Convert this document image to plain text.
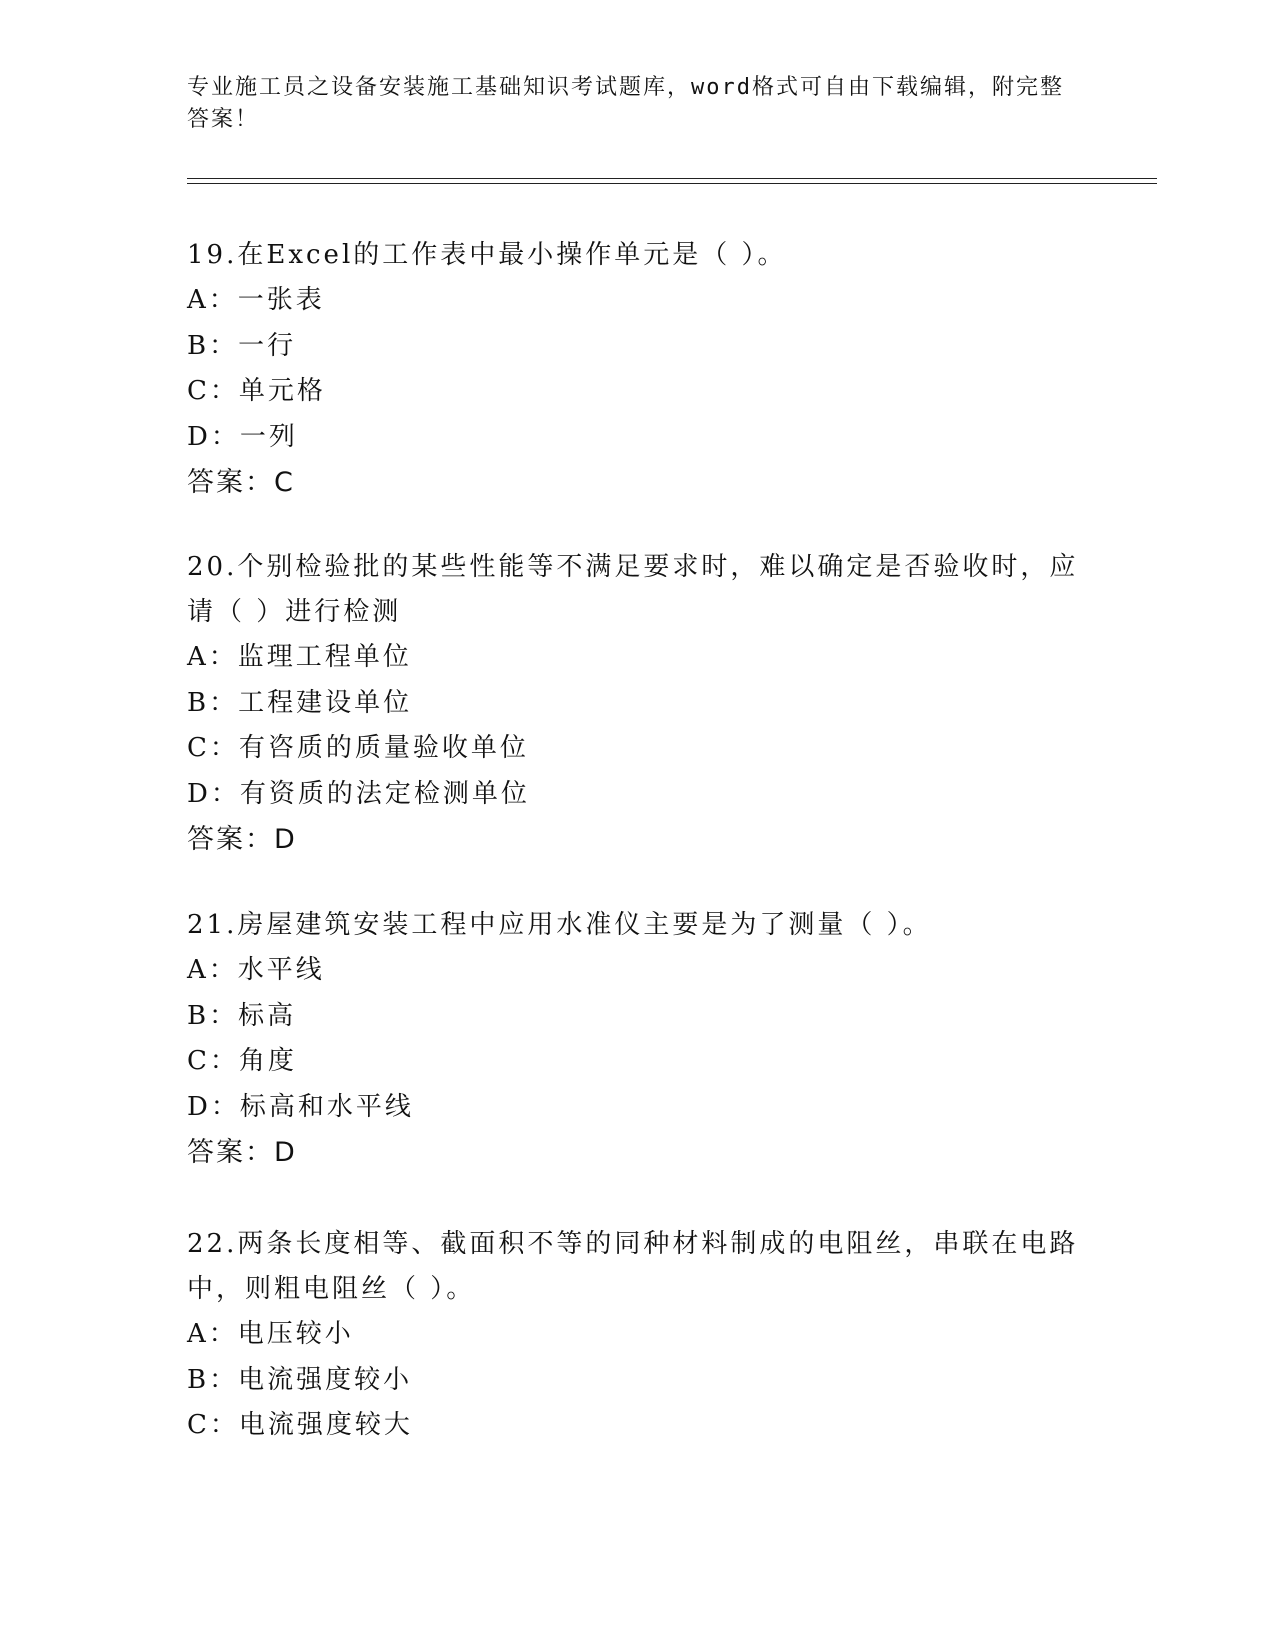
专业施工员之设备安装施工基础知识考试题库，word格式可自由下载编辑，附完整答案！
19.在Excel的工作表中最小操作单元是（ ）。
A：一张表
B：一行
C：单元格
D：一列
答案：C
20.个别检验批的某些性能等不满足要求时，难以确定是否验收时，应请（ ）进行检测
A：监理工程单位
B：工程建设单位
C：有咨质的质量验收单位
D：有资质的法定检测单位
答案：D
21.房屋建筑安装工程中应用水准仪主要是为了测量（ ）。
A：水平线
B：标高
C：角度
D：标高和水平线
答案：D
22.两条长度相等、截面积不等的同种材料制成的电阻丝，串联在电路中，则粗电阻丝（ ）。
A：电压较小
B：电流强度较小
C：电流强度较大
